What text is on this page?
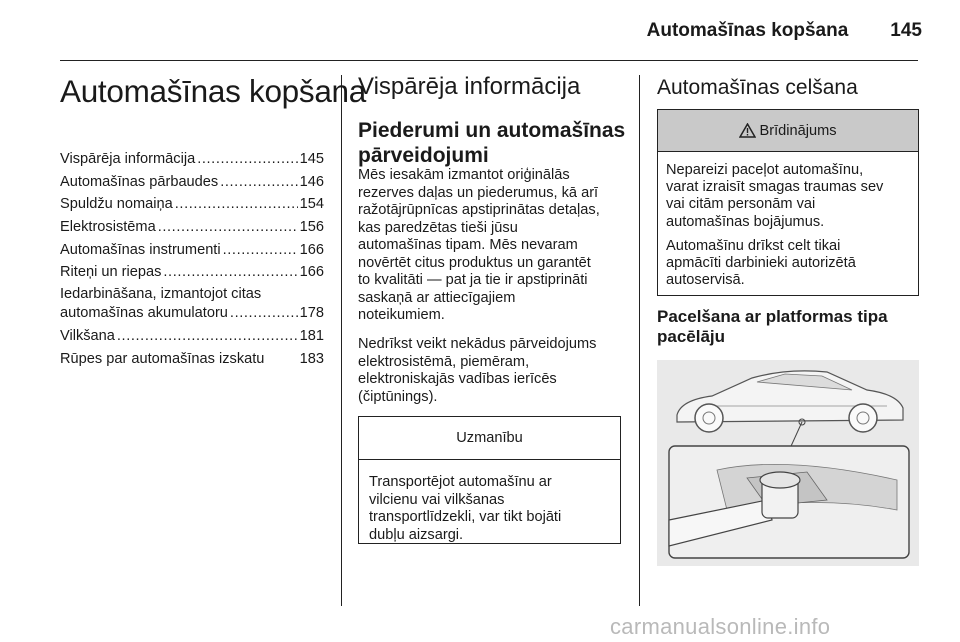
Automašīnas kopšana 145
Automašīnas kopšana
Vispārēja informācija .....	145
Automašīnas pārbaudes .....	146
Spuldžu nomaiņa .....	154
Elektrosistēma .....	156
Automašīnas instrumenti .....	166
Riteņi un riepas .....	166
Iedarbināšana, izmantojot citas
automašīnas akumulatoru .....	178
Vilkšana .....	181
Rūpes par automašīnas izskatu 183
Vispārēja informācija
Piederumi un automašīnas pārveidojumi
Mēs iesakām izmantot oriģinālās
rezerves daļas un piederumus, kā arī
ražotājrūpnīcas apstiprinātas detaļas,
kas paredzētas tieši jūsu
automašīnas tipam. Mēs nevaram
novērtēt citus produktus un garantēt
to kvalitāti — pat ja tie ir apstiprināti
saskaņā ar attiecīgajiem
noteikumiem.
Nedrīkst veikt nekādus pārveidojums
elektrosistēmā, piemēram,
elektroniskajās vadības ierīcēs
(čiptūnings).
Uzmanību
Transportējot automašīnu ar
vilcienu vai vilkšanas
transportlīdzekli, var tikt bojāti
dubļu aizsargi.
Automašīnas celšana
Brīdinājums

Nepareizi paceļot automašīnu,
varat izraisīt smagas traumas sev
vai citām personām vai
automašīnas bojājumus.

Automašīnu drīkst celt tikai
apmācīti darbinieki autorizētā
autoservisā.

Pacelšana ar platformas tipa pacēlāju
carmanualsonline.info
